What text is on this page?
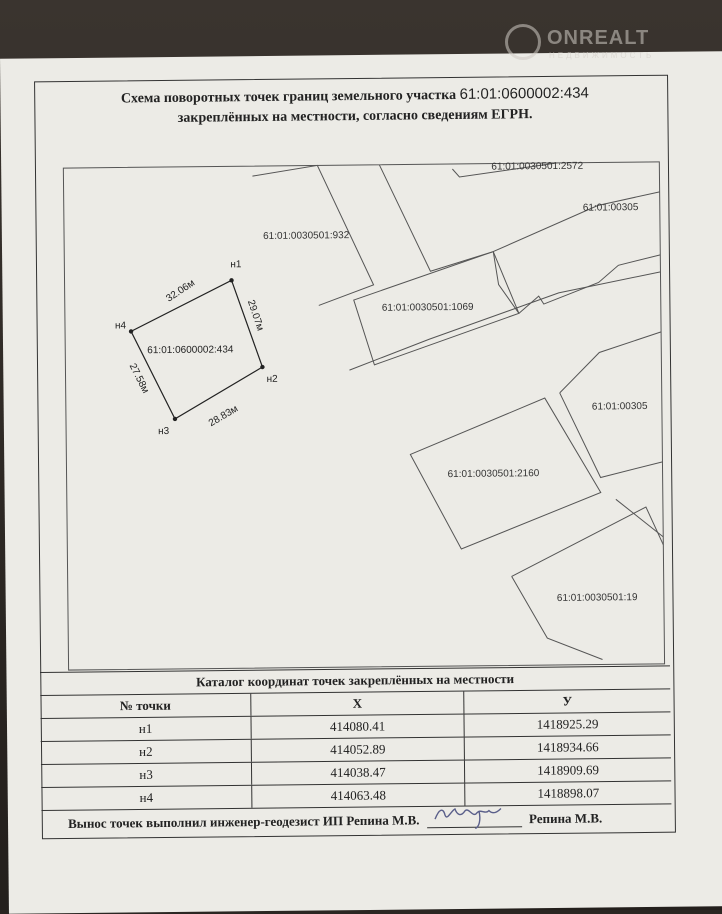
ONREALT
НЕДВИЖИМОСТЬ
Схема поворотных точек границ земельного участка 61:01:0600002:434
закреплённых на местности, согласно сведениям ЕГРН.
61:01:0030501:2572
61:01:00305
61:01:0030501:932
61:01:0030501:1069
61:01:00305
61:01:0030501:2160
61:01:0030501:19
н1
н2
н3
н4
61:01:0600002:434
29.07м
28.83м
27.58м
32.06м
Каталог координат точек закреплённых на местности
№ точки	X	У
н1	414080.41	1418925.29
н2	414052.89	1418934.66
н3	414038.47	1418909.69
н4	414063.48	1418898.07
Вынос точек выполнил инженер-геодезист ИП Репина М.В.	Репина М.В.
